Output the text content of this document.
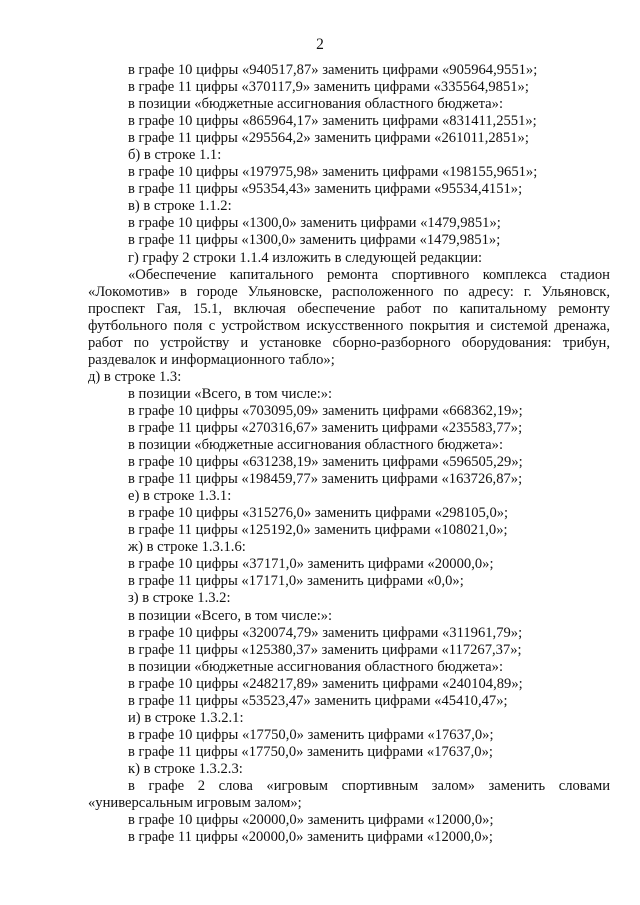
2
в графе 10 цифры «940517,87» заменить цифрами «905964,9551»;
в графе 11 цифры «370117,9» заменить цифрами «335564,9851»;
в позиции «бюджетные ассигнования областного бюджета»:
в графе 10 цифры «865964,17» заменить цифрами «831411,2551»;
в графе 11 цифры «295564,2» заменить цифрами «261011,2851»;
б) в строке 1.1:
в графе 10 цифры «197975,98» заменить цифрами «198155,9651»;
в графе 11 цифры «95354,43» заменить цифрами «95534,4151»;
в) в строке 1.1.2:
в графе 10 цифры «1300,0» заменить цифрами «1479,9851»;
в графе 11 цифры «1300,0» заменить цифрами «1479,9851»;
г) графу 2 строки 1.1.4 изложить в следующей редакции:
«Обеспечение капитального ремонта спортивного комплекса стадион «Локомотив» в городе Ульяновске, расположенного по адресу: г. Ульяновск, проспект Гая, 15.1, включая обеспечение работ по капитальному ремонту футбольного поля с устройством искусственного покрытия и системой дренажа, работ по устройству и установке сборно-разборного оборудования: трибун, раздевалок и информационного табло»;
д) в строке 1.3:
в позиции «Всего, в том числе:»:
в графе 10 цифры «703095,09» заменить цифрами «668362,19»;
в графе 11 цифры «270316,67» заменить цифрами «235583,77»;
в позиции «бюджетные ассигнования областного бюджета»:
в графе 10 цифры «631238,19» заменить цифрами «596505,29»;
в графе 11 цифры «198459,77» заменить цифрами «163726,87»;
е) в строке 1.3.1:
в графе 10 цифры «315276,0» заменить цифрами «298105,0»;
в графе 11 цифры «125192,0» заменить цифрами «108021,0»;
ж) в строке 1.3.1.6:
в графе 10 цифры «37171,0» заменить цифрами «20000,0»;
в графе 11 цифры «17171,0» заменить цифрами «0,0»;
з) в строке 1.3.2:
в позиции «Всего, в том числе:»:
в графе 10 цифры «320074,79» заменить цифрами «311961,79»;
в графе 11 цифры «125380,37» заменить цифрами «117267,37»;
в позиции «бюджетные ассигнования областного бюджета»:
в графе 10 цифры «248217,89» заменить цифрами «240104,89»;
в графе 11 цифры «53523,47» заменить цифрами «45410,47»;
и) в строке 1.3.2.1:
в графе 10 цифры «17750,0» заменить цифрами «17637,0»;
в графе 11 цифры «17750,0» заменить цифрами «17637,0»;
к) в строке 1.3.2.3:
в графе 2 слова «игровым спортивным залом» заменить словами «универсальным игровым залом»;
в графе 10 цифры «20000,0» заменить цифрами «12000,0»;
в графе 11 цифры «20000,0» заменить цифрами «12000,0»;
